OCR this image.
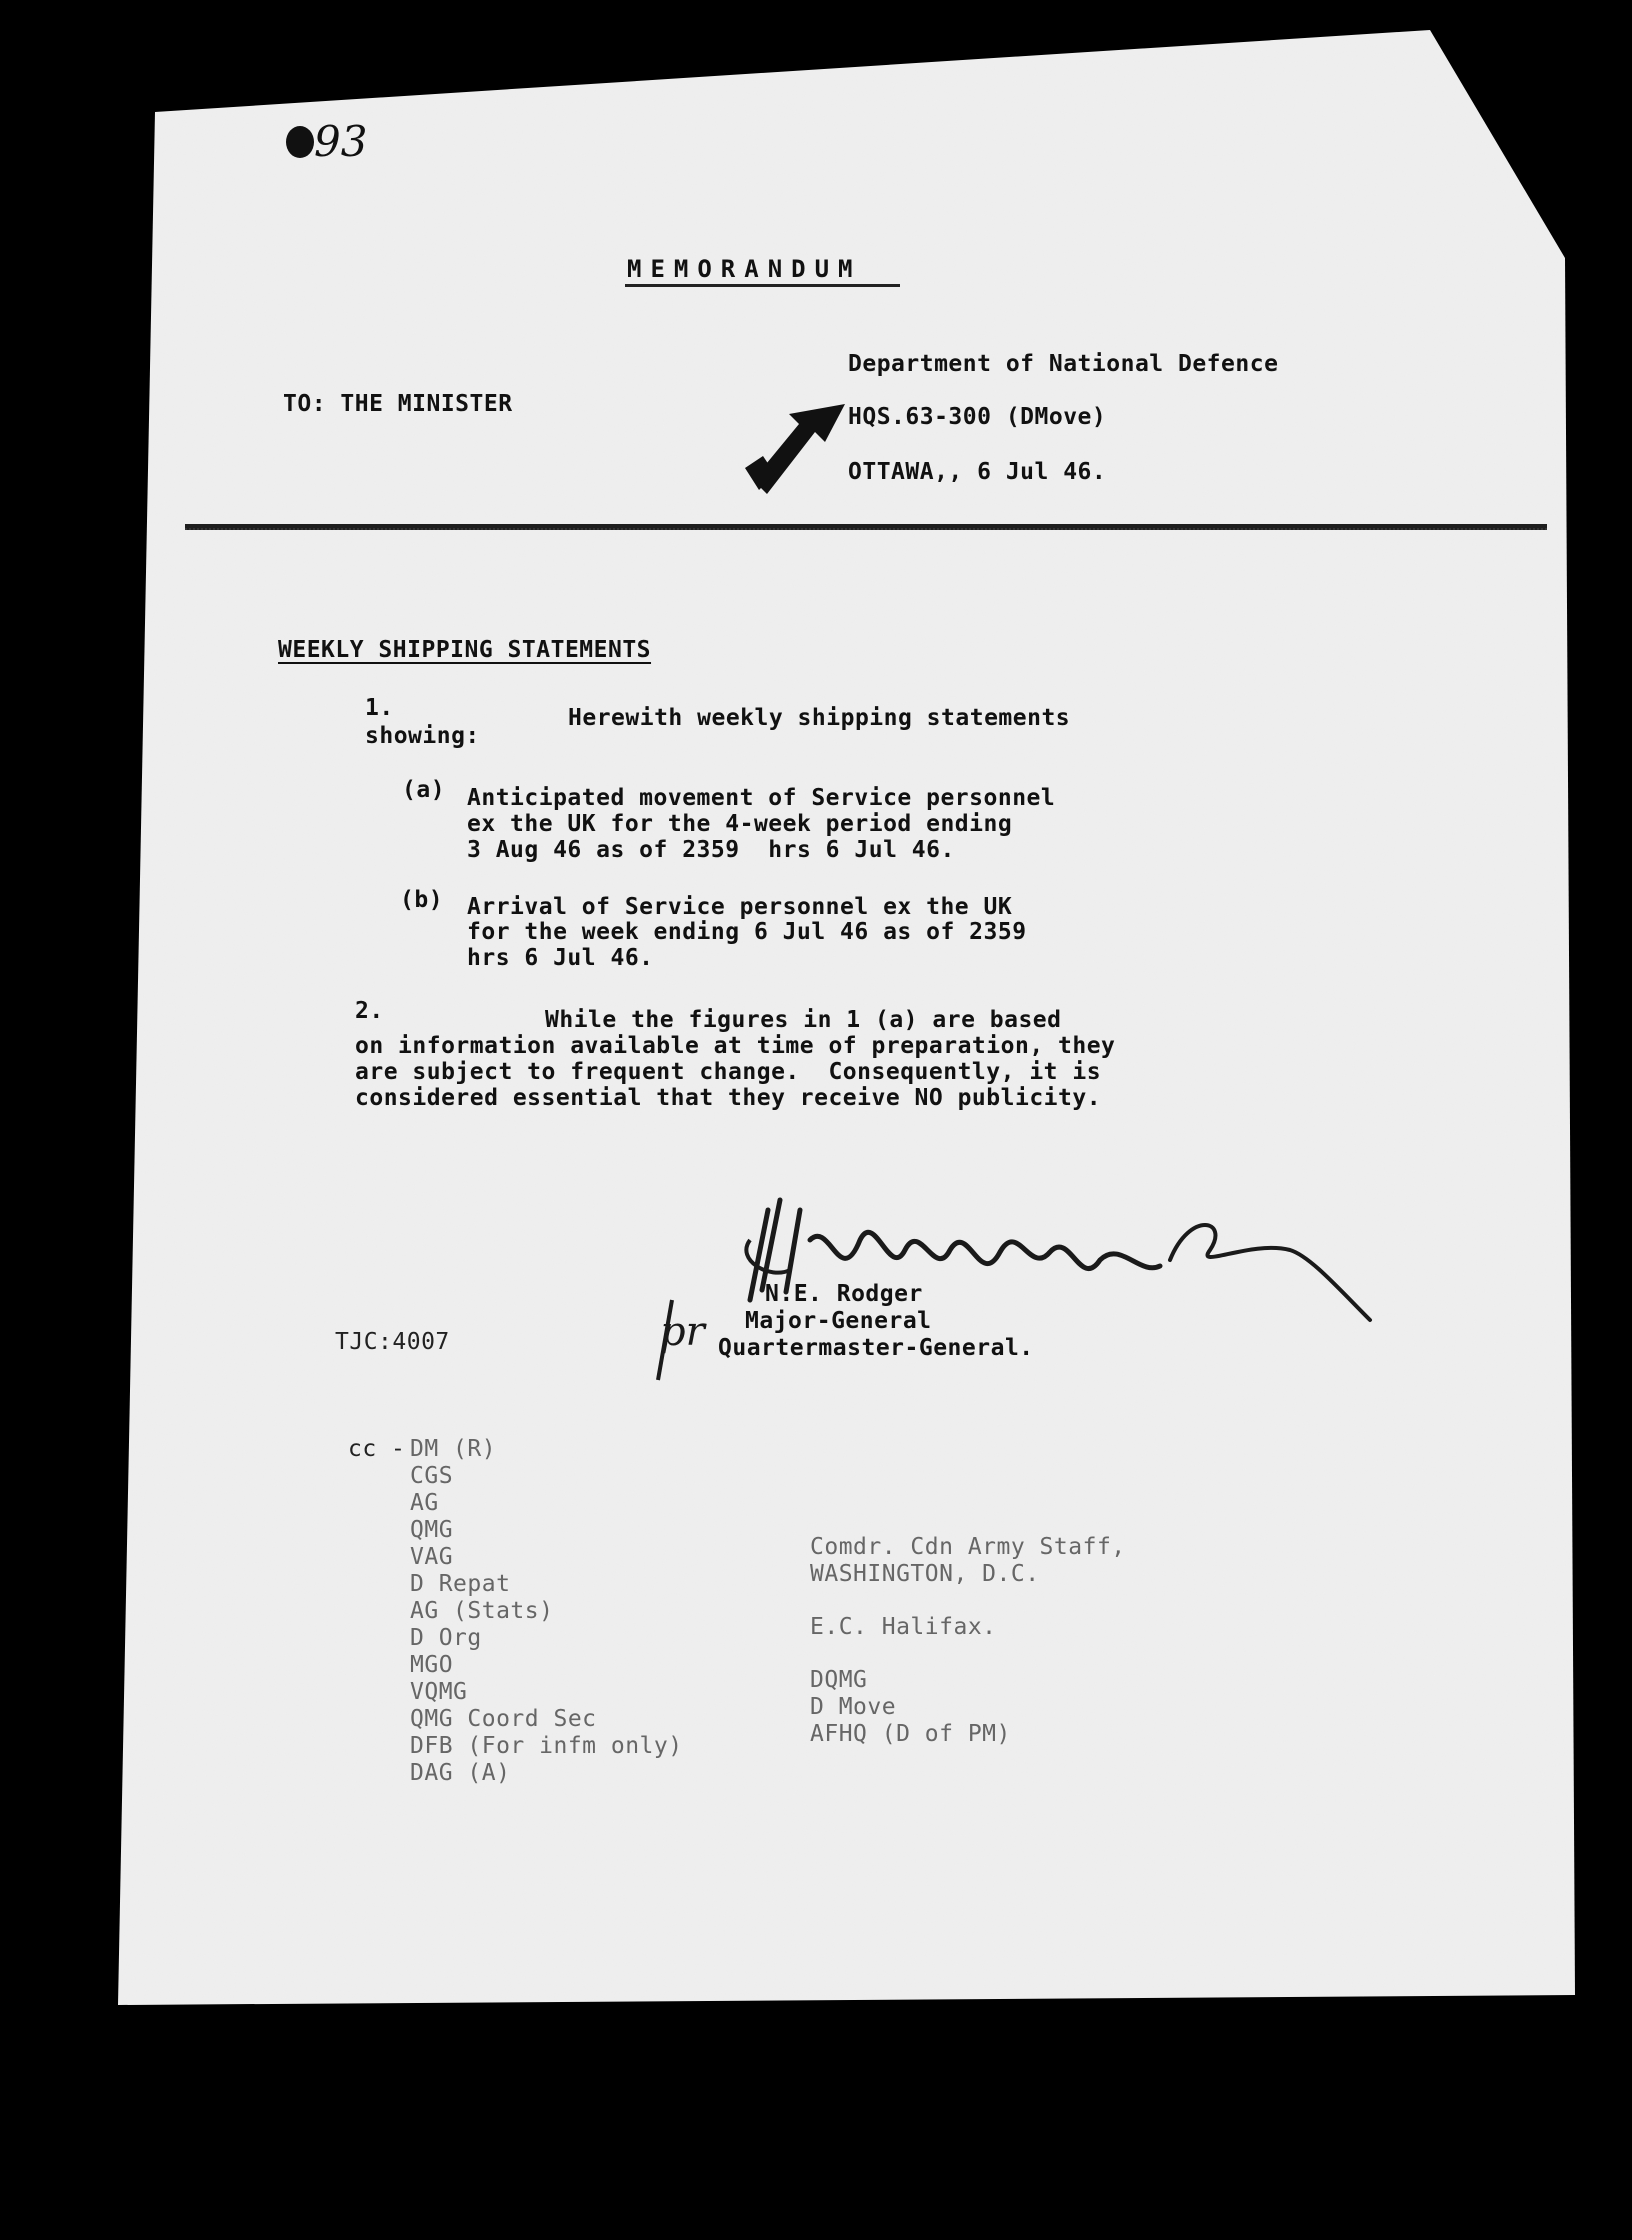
93
MEMORANDUM
Department of National Defence
HQS.63-300 (DMove)
OTTAWA,, 6 Jul 46.
TO: THE MINISTER
WEEKLY SHIPPING STATEMENTS
1.	Herewith weekly shipping statements
showing:
(a) Anticipated movement of Service personnel
ex the UK for the 4-week period ending
3 Aug 46 as of 2359  hrs 6 Jul 46.
(b) Arrival of Service personnel ex the UK
for the week ending 6 Jul 46 as of 2359
hrs 6 Jul 46.
2.	While the figures in 1 (a) are based
on information available at time of preparation, they
are subject to frequent change.  Consequently, it is
considered essential that they receive NO publicity.
pr
N.E. Rodger
Major-General
Quartermaster-General.
TJC:4007
cc - DM (R)
CGS
AG
QMG
VAG
D Repat
AG (Stats)
D Org
MGO
VQMG
QMG Coord Sec
DFB (For infm only)
DAG (A)
Comdr. Cdn Army Staff,
WASHINGTON, D.C.
E.C. Halifax.
DQMG
D Move
AFHQ (D of PM)
